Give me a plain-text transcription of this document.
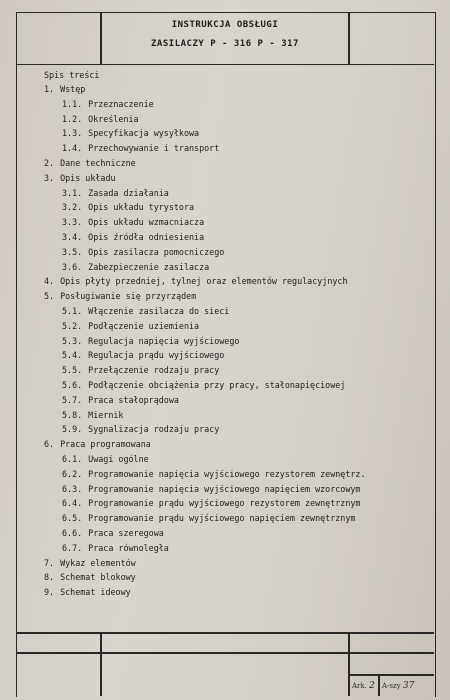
INSTRUKCJA OBSŁUGI
ZASILACZY P - 316 P - 317
Spis treści
1. Wstęp
1.1. Przeznaczenie
1.2. Określenia
1.3. Specyfikacja wysyłkowa
1.4. Przechowywanie i transport
2. Dane techniczne
3. Opis układu
3.1. Zasada działania
3.2. Opis układu tyrystora
3.3. Opis układu wzmacniacza
3.4. Opis źródła odniesienia
3.5. Opis zasilacza pomocniczego
3.6. Zabezpieczenie zasilacza
4. Opis płyty przedniej, tylnej oraz elementów regulacyjnych
5. Posługiwanie się przyrządem
5.1. Włączenie zasilacza do sieci
5.2. Podłączenie uziemienia
5.3. Regulacja napięcia wyjściowego
5.4. Regulacja prądu wyjściowego
5.5. Przełączenie rodzaju pracy
5.6. Podłączenie obciążenia przy pracy, stałonapięciowej
5.7. Praca stałoprądowa
5.8. Miernik
5.9. Sygnalizacja rodzaju pracy
6. Praca programowana
6.1. Uwagi ogólne
6.2. Programowanie napięcia wyjściowego rezystorem zewnętrz.
6.3. Programowanie napięcia wyjściowego napięciem wzorcowym
6.4. Programowanie prądu wyjściowego rezystorem zewnętrznym
6.5. Programowanie prądu wyjściowego napięciem zewnętrznym
6.6. Praca szeregowa
6.7. Praca równoległa
7. Wykaz elementów
8. Schemat blokowy
9. Schemat ideowy
Ark. 2 A-szy 37
